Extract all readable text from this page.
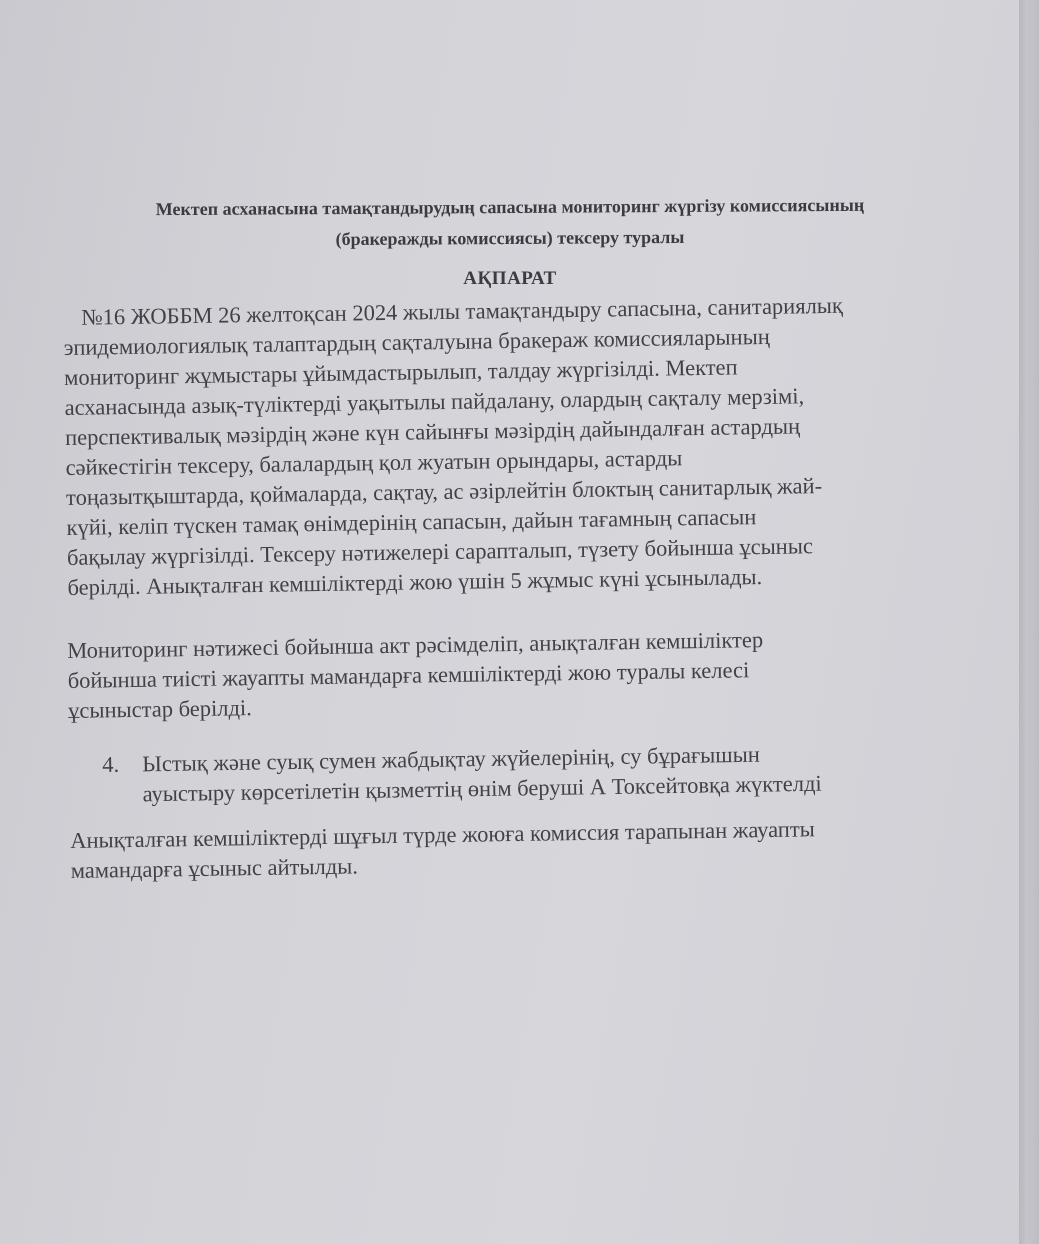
Мектеп асханасына тамақтандырудың сапасына мониторинг жүргізу комиссиясының
(бракеражды комиссиясы) тексеру туралы
АҚПАРАТ
№16 ЖОББМ 26 желтоқсан 2024 жылы тамақтандыру сапасына, санитариялық
эпидемиологиялық талаптардың сақталуына бракераж комиссияларының
мониторинг жұмыстары ұйымдастырылып, талдау жүргізілді. Мектеп
асханасында азық-түліктерді уақытылы пайдалану, олардың сақталу мерзімі,
перспективалық мәзірдің және күн сайынғы мәзірдің дайындалған астардың
сәйкестігін тексеру, балалардың қол жуатын орындары, астарды
тоңазытқыштарда, қоймаларда, сақтау, ас әзірлейтін блоктың санитарлық жай-
күйі, келіп түскен тамақ өнімдерінің сапасын, дайын тағамның сапасын
бақылау жүргізілді. Тексеру нәтижелері сарапталып, түзету бойынша ұсыныс
берілді. Анықталған кемшіліктерді жою үшін 5 жұмыс күні ұсынылады.
Мониторинг нәтижесі бойынша акт рәсімделіп, анықталған кемшіліктер
бойынша тиісті жауапты мамандарға кемшіліктерді жою туралы келесі
ұсыныстар берілді.
4. Ыстық және суық сумен жабдықтау жүйелерінің, су бұрағышын
ауыстыру көрсетілетін қызметтің өнім беруші А Токсейтовқа жүктелді
Анықталған кемшіліктерді шұғыл түрде жоюға комиссия тарапынан жауапты
мамандарға ұсыныс айтылды.
